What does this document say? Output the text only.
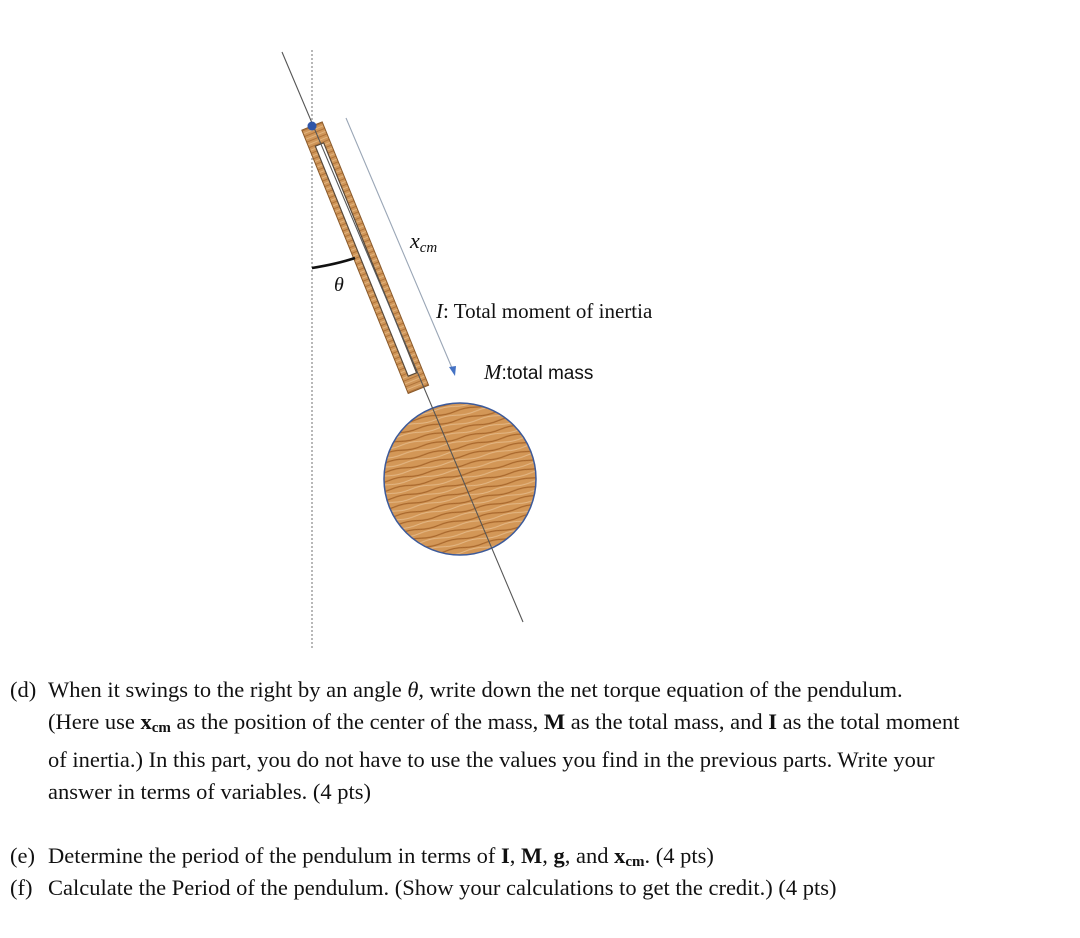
xcm
θ
I: Total moment of inertia
M:total mass
(d) When it swings to the right by an angle θ, write down the net torque equation of the pendulum.
(Here use $x_{cm}$ as the position of the center of the mass, M as the total mass, and I as the total moment
of inertia.) In this part, you do not have to use the values you find in the previous parts. Write your
answer in terms of variables. (4 pts)
(e) Determine the period of the pendulum in terms of I, M, g, and $x_{cm}$. (4 pts)
(f) Calculate the Period of the pendulum. (Show your calculations to get the credit.) (4 pts)
